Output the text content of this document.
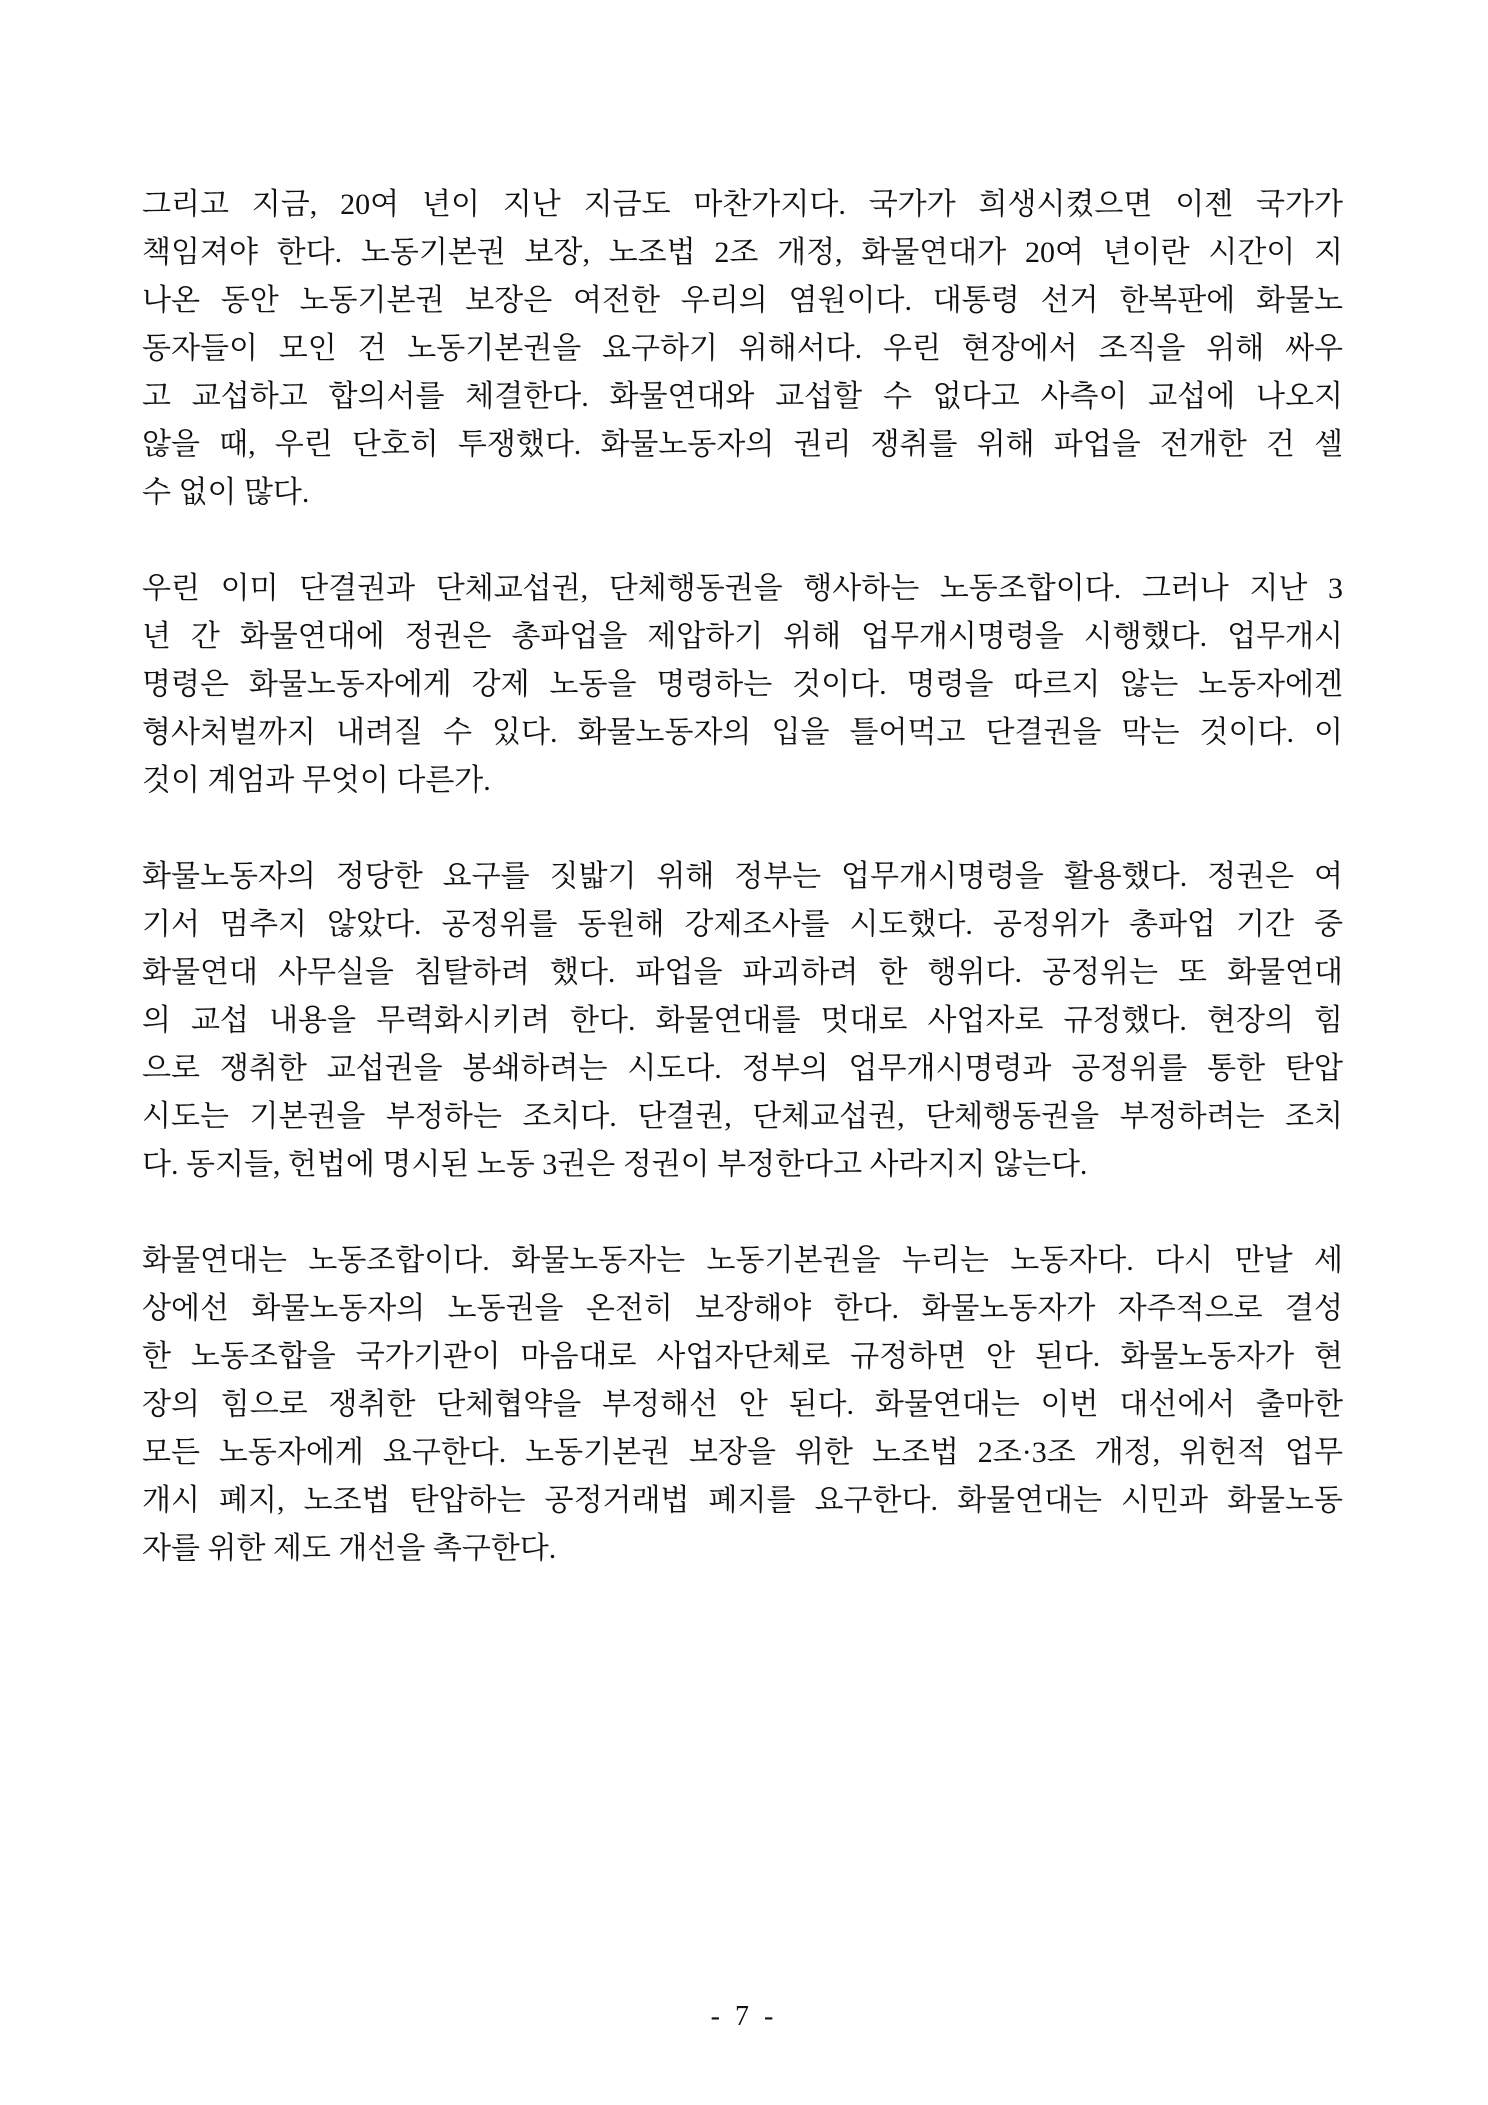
그리고 지금, 20여 년이 지난 지금도 마찬가지다. 국가가 희생시켰으면 이젠 국가가
책임져야 한다. 노동기본권 보장, 노조법 2조 개정, 화물연대가 20여 년이란 시간이 지
나온 동안 노동기본권 보장은 여전한 우리의 염원이다. 대통령 선거 한복판에 화물노
동자들이 모인 건 노동기본권을 요구하기 위해서다. 우린 현장에서 조직을 위해 싸우
고 교섭하고 합의서를 체결한다. 화물연대와 교섭할 수 없다고 사측이 교섭에 나오지
않을 때, 우린 단호히 투쟁했다. 화물노동자의 권리 쟁취를 위해 파업을 전개한 건 셀
수 없이 많다.
우린 이미 단결권과 단체교섭권, 단체행동권을 행사하는 노동조합이다. 그러나 지난 3
년 간 화물연대에 정권은 총파업을 제압하기 위해 업무개시명령을 시행했다. 업무개시
명령은 화물노동자에게 강제 노동을 명령하는 것이다. 명령을 따르지 않는 노동자에겐
형사처벌까지 내려질 수 있다. 화물노동자의 입을 틀어먹고 단결권을 막는 것이다. 이
것이 계엄과 무엇이 다른가.
화물노동자의 정당한 요구를 짓밟기 위해 정부는 업무개시명령을 활용했다. 정권은 여
기서 멈추지 않았다. 공정위를 동원해 강제조사를 시도했다. 공정위가 총파업 기간 중
화물연대 사무실을 침탈하려 했다. 파업을 파괴하려 한 행위다. 공정위는 또 화물연대
의 교섭 내용을 무력화시키려 한다. 화물연대를 멋대로 사업자로 규정했다. 현장의 힘
으로 쟁취한 교섭권을 봉쇄하려는 시도다. 정부의 업무개시명령과 공정위를 통한 탄압
시도는 기본권을 부정하는 조치다. 단결권, 단체교섭권, 단체행동권을 부정하려는 조치
다. 동지들, 헌법에 명시된 노동 3권은 정권이 부정한다고 사라지지 않는다.
화물연대는 노동조합이다. 화물노동자는 노동기본권을 누리는 노동자다. 다시 만날 세
상에선 화물노동자의 노동권을 온전히 보장해야 한다. 화물노동자가 자주적으로 결성
한 노동조합을 국가기관이 마음대로 사업자단체로 규정하면 안 된다. 화물노동자가 현
장의 힘으로 쟁취한 단체협약을 부정해선 안 된다. 화물연대는 이번 대선에서 출마한
모든 노동자에게 요구한다. 노동기본권 보장을 위한 노조법 2조·3조 개정, 위헌적 업무
개시 폐지, 노조법 탄압하는 공정거래법 폐지를 요구한다. 화물연대는 시민과 화물노동
자를 위한 제도 개선을 촉구한다.
- 7 -
